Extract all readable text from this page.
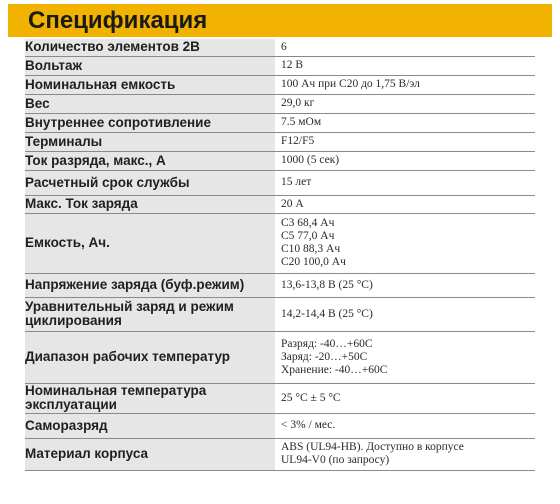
Спецификация
Количество элементов 2В		6

Вольтаж		12 В

Номинальная емкость		100 Ач при С20 до 1,75 В/эл

Вес		29,0 кг

Внутреннее сопротивление		7.5 мОм

Терминалы		F12/F5

Ток разряда, макс., А		1000 (5 сек)

Расчетный срок службы		15 лет

Макс. Ток заряда		20 А

Емкость, Ач.		С3 68,4 Ач
С5 77,0 Ач
С10 88,3 Ач
С20 100,0 Ач

Напряжение заряда (буф.режим)		13,6-13,8 В (25 °С)

Уравнительный заряд и режим циклирования		14,2-14,4 В (25 °С)

Диапазон рабочих температур		Разряд: -40…+60С
Заряд: -20…+50С
Хранение: -40…+60С

Номинальная температура эксплуатации		25 °С ± 5 °С

Саморазряд		< 3% / мес.

Материал корпуса		ABS (UL94-HB). Доступно в корпусе
UL94-V0 (по запросу)
